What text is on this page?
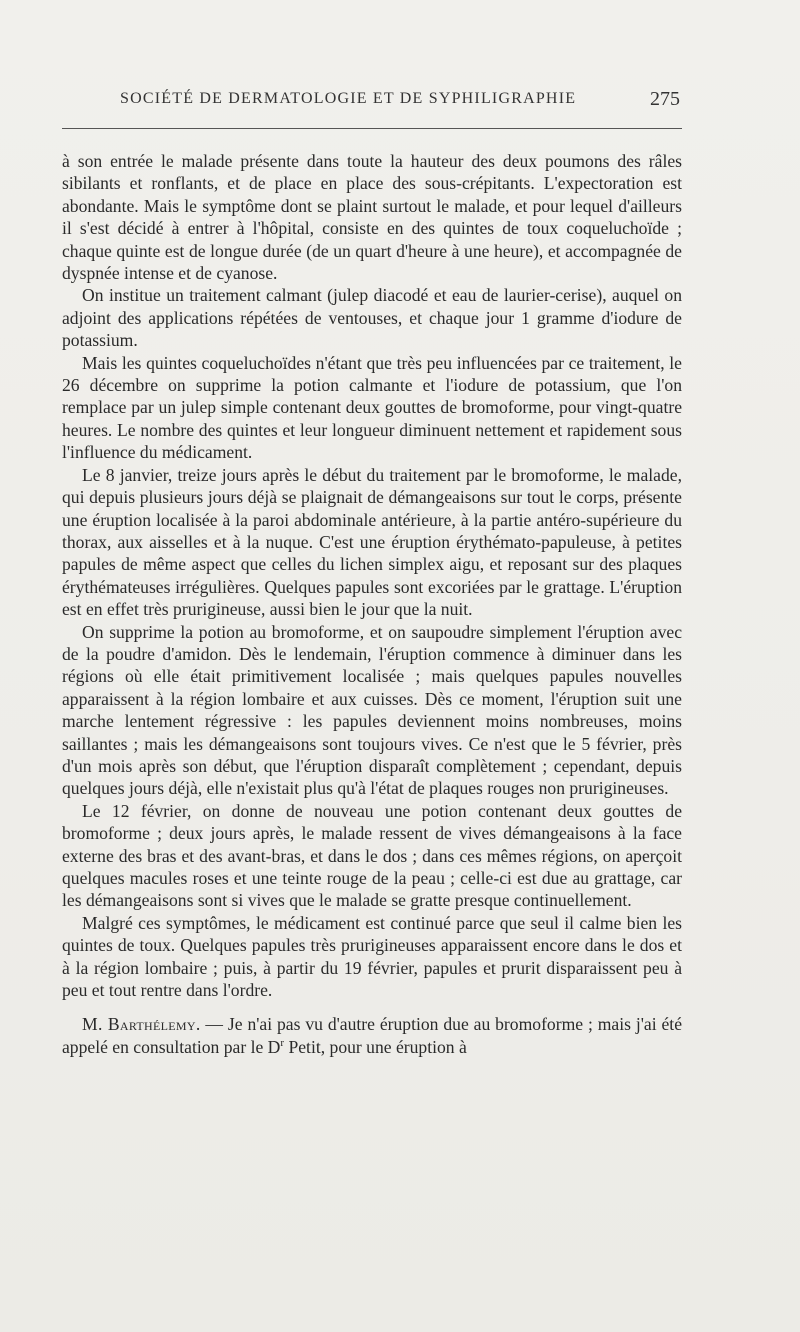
SOCIÉTÉ DE DERMATOLOGIE ET DE SYPHILIGRAPHIE	275

à son entrée le malade présente dans toute la hauteur des deux poumons des râles sibilants et ronflants, et de place en place des sous-crépitants. L'expectoration est abondante. Mais le symptôme dont se plaint surtout le malade, et pour lequel d'ailleurs il s'est décidé à entrer à l'hôpital, consiste en des quintes de toux coqueluchoïde ; chaque quinte est de longue durée (de un quart d'heure à une heure), et accompagnée de dyspnée intense et de cyanose.

On institue un traitement calmant (julep diacodé et eau de laurier-cerise), auquel on adjoint des applications répétées de ventouses, et chaque jour 1 gramme d'iodure de potassium.

Mais les quintes coqueluchoïdes n'étant que très peu influencées par ce traitement, le 26 décembre on supprime la potion calmante et l'iodure de potassium, que l'on remplace par un julep simple contenant deux gouttes de bromoforme, pour vingt-quatre heures. Le nombre des quintes et leur longueur diminuent nettement et rapidement sous l'influence du médicament.

Le 8 janvier, treize jours après le début du traitement par le bromoforme, le malade, qui depuis plusieurs jours déjà se plaignait de démangeaisons sur tout le corps, présente une éruption localisée à la paroi abdominale antérieure, à la partie antéro-supérieure du thorax, aux aisselles et à la nuque. C'est une éruption érythémato-papuleuse, à petites papules de même aspect que celles du lichen simplex aigu, et reposant sur des plaques érythémateuses irrégulières. Quelques papules sont excoriées par le grattage. L'éruption est en effet très prurigineuse, aussi bien le jour que la nuit.

On supprime la potion au bromoforme, et on saupoudre simplement l'éruption avec de la poudre d'amidon. Dès le lendemain, l'éruption commence à diminuer dans les régions où elle était primitivement localisée ; mais quelques papules nouvelles apparaissent à la région lombaire et aux cuisses. Dès ce moment, l'éruption suit une marche lentement régressive : les papules deviennent moins nombreuses, moins saillantes ; mais les démangeaisons sont toujours vives. Ce n'est que le 5 février, près d'un mois après son début, que l'éruption disparaît complètement ; cependant, depuis quelques jours déjà, elle n'existait plus qu'à l'état de plaques rouges non prurigineuses.

Le 12 février, on donne de nouveau une potion contenant deux gouttes de bromoforme ; deux jours après, le malade ressent de vives démangeaisons à la face externe des bras et des avant-bras, et dans le dos ; dans ces mêmes régions, on aperçoit quelques macules roses et une teinte rouge de la peau ; celle-ci est due au grattage, car les démangeaisons sont si vives que le malade se gratte presque continuellement.

Malgré ces symptômes, le médicament est continué parce que seul il calme bien les quintes de toux. Quelques papules très prurigineuses apparaissent encore dans le dos et à la région lombaire ; puis, à partir du 19 février, papules et prurit disparaissent peu à peu et tout rentre dans l'ordre.

M. Barthélemy. — Je n'ai pas vu d'autre éruption due au bromoforme ; mais j'ai été appelé en consultation par le $D^r$ Petit, pour une éruption à
